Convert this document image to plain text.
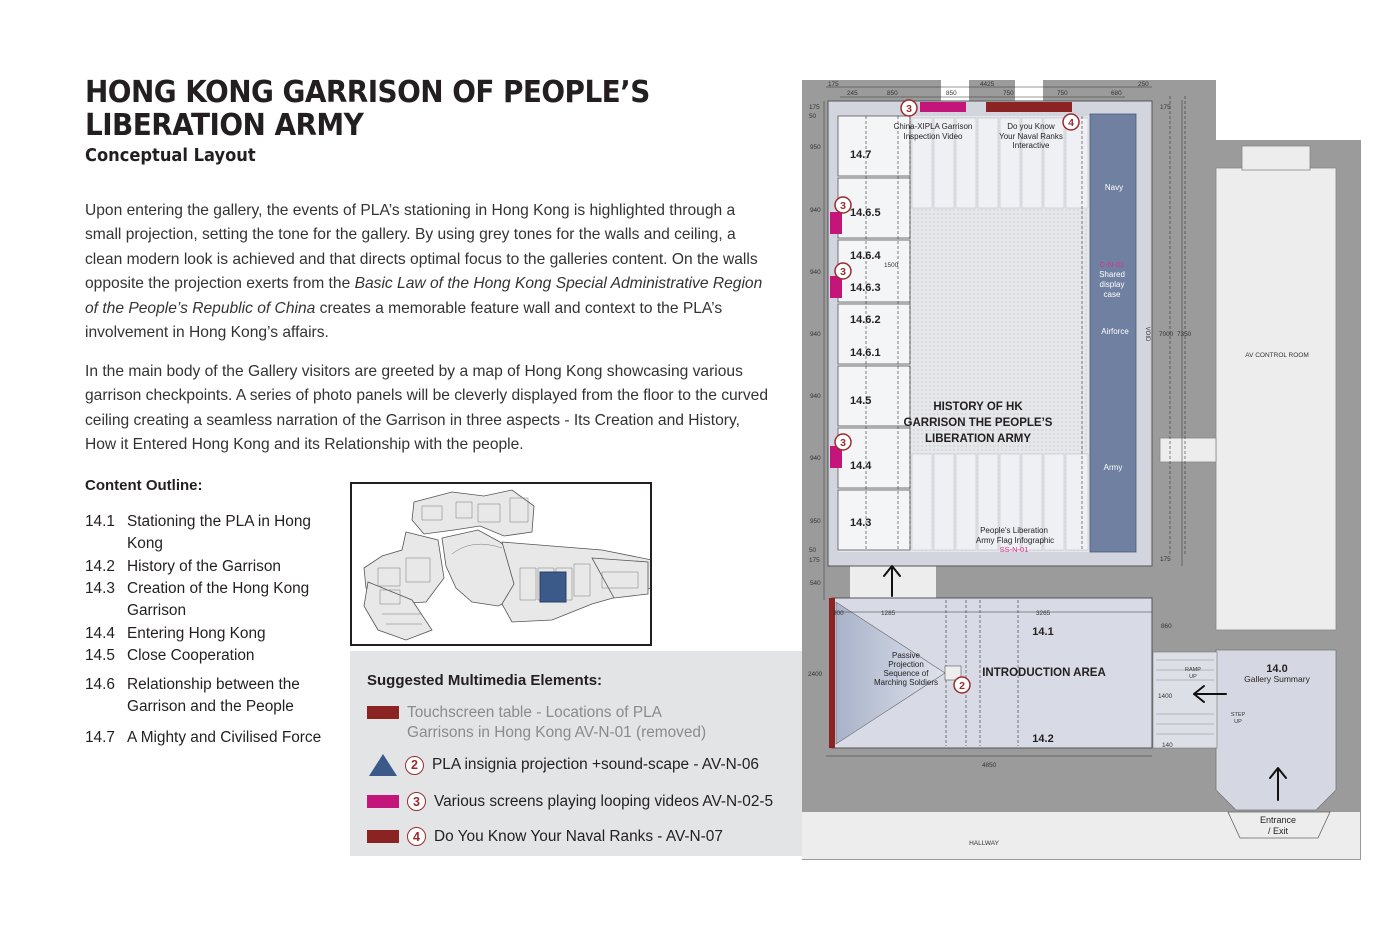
HONG KONG GARRISON OF PEOPLE’S
LIBERATION ARMY
Conceptual Layout

Upon entering the gallery, the events of PLA’s stationing in Hong Kong is highlighted through a small projection, setting the tone for the gallery. By using grey tones for the walls and ceiling, a clean modern look is achieved and that directs optimal focus to the galleries content. On the walls opposite the projection exerts from the Basic Law of the Hong Kong Special Administrative Region of the People’s Republic of China creates a memorable feature wall and context to the PLA’s involvement in Hong Kong’s affairs.

In the main body of the Gallery visitors are greeted by a map of Hong Kong showcasing various garrison checkpoints. A series of photo panels will be cleverly displayed from the floor to the curved ceiling creating a seamless narration of the Garrison in three aspects - Its Creation and History, How it Entered Hong Kong and its Relationship with the people.

Content Outline:
14.1 Stationing the PLA in Hong Kong
14.2 History of the Garrison
14.3 Creation of the Hong Kong Garrison
14.4 Entering Hong Kong
14.5 Close Cooperation
14.6 Relationship between the Garrison and the People
14.7 A Mighty and Civilised Force
Suggested Multimedia Elements:
Touchscreen table - Locations of PLA
Garrisons in Hong Kong AV-N-01 (removed)
2 PLA insignia projection +sound-scape - AV-N-06
3 Various screens playing looping videos AV-N-02-5
4 Do You Know Your Naval Ranks - AV-N-07
175	4425	250
245	850	850	750	750	680
175
50
950
940
940
940
940
940
950
50
175
540
175
7000 7350
175
300	1285	3265
2400
860
1400
140
4850
1500
14.7
14.6.5
14.6.4
14.6.3
14.6.2
14.6.1
14.5
14.4
14.3
HISTORY OF HK
GARRISON THE PEOPLE’S
LIBERATION ARMY
Navy
Airforce
Army
Shared
display
case
C-N-01
VOID
China-XIPLA Garrison
Inspection Video
Do you Know
Your Naval Ranks
Interactive
People's Liberation
Army Flag Infographic
SS-N-01
INTRODUCTION AREA
14.1
14.2
Passive
Projection
Sequence of
Marching Soldiers
AV CONTROL ROOM
14.0
Gallery Summary
RAMP
UP
STEP
UP
Entrance
/ Exit
HALLWAY
3
4
3
3
3
2
